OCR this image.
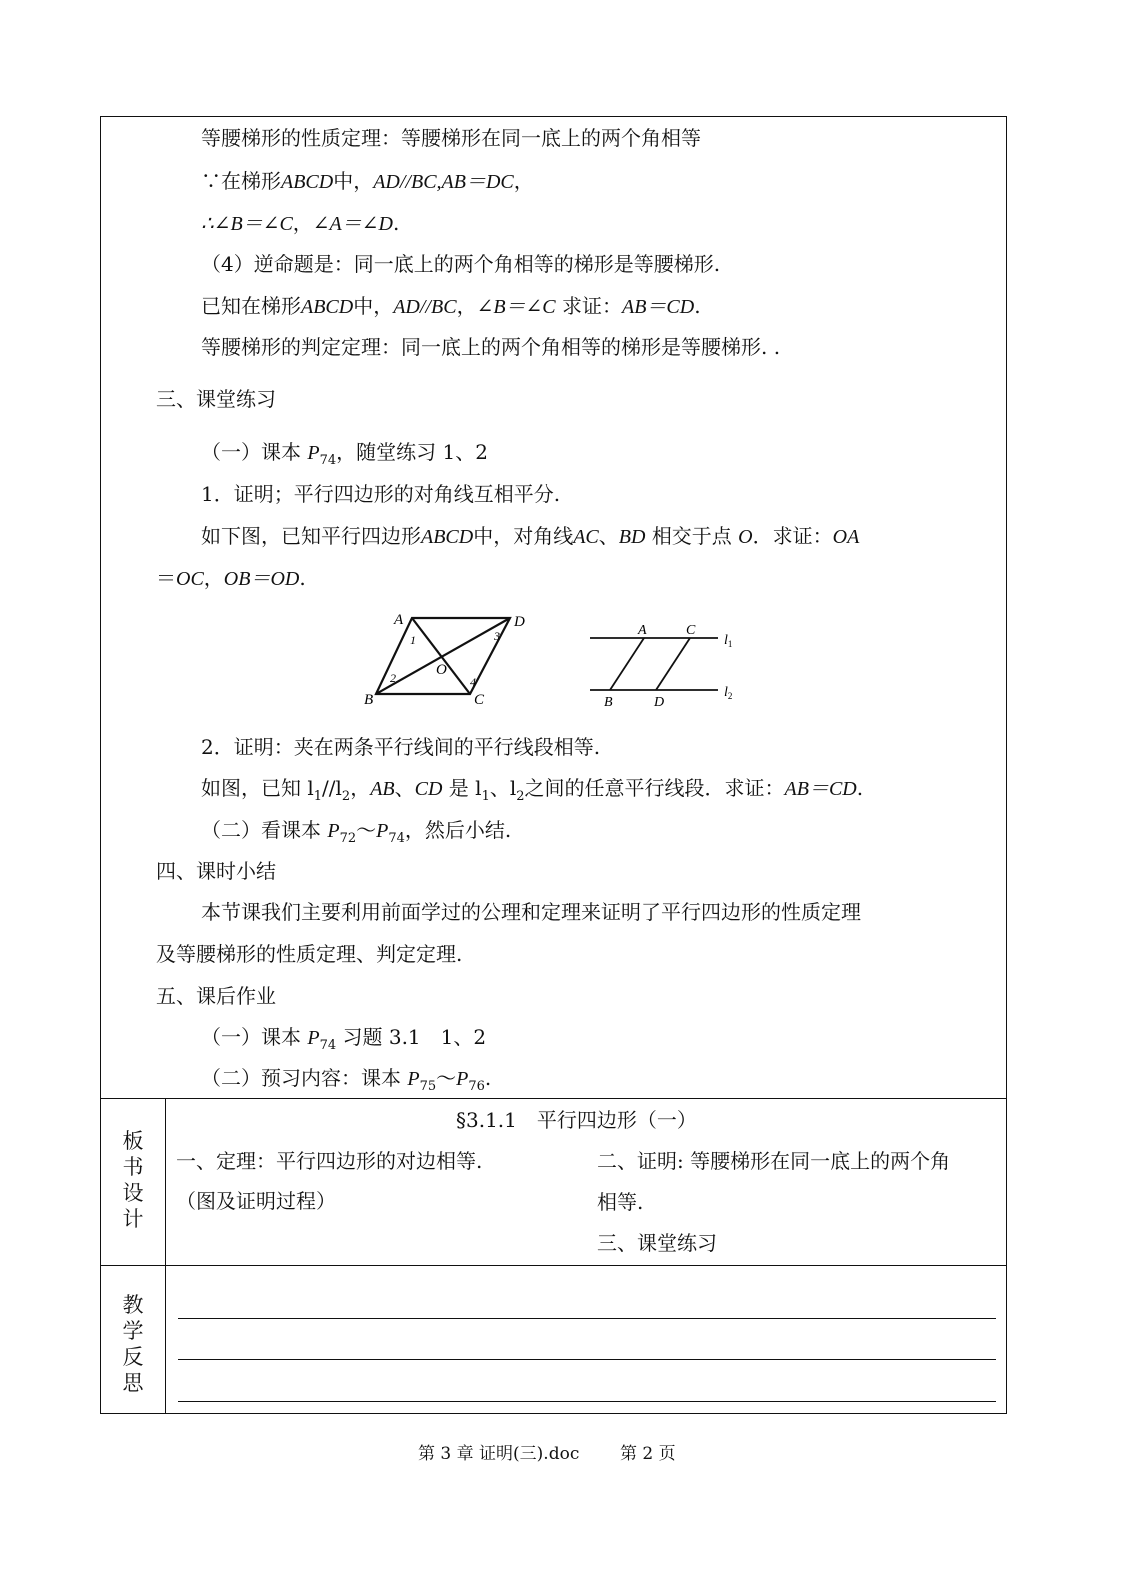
等腰梯形的性质定理：等腰梯形在同一底上的两个角相等
∵在梯形ABCD中，AD//BC,AB＝DC，
∴∠B＝∠C，∠A＝∠D.
（4）逆命题是：同一底上的两个角相等的梯形是等腰梯形.
已知在梯形ABCD中，AD//BC，∠B＝∠C 求证：AB＝CD.
等腰梯形的判定定理：同一底上的两个角相等的梯形是等腰梯形. .
三、课堂练习
（一）课本 $P_{74}$，随堂练习 1、2
1．证明；平行四边形的对角线互相平分.
如下图，已知平行四边形ABCD中，对角线AC、BD 相交于点 O．求证：OA
＝OC，OB＝OD.
A	D
B	C
O
1
2
3
4
A	C
B	D
$l_1$
$l_2$
2．证明：夹在两条平行线间的平行线段相等.
如图，已知 $l_1//l_2$，AB、CD 是 $l_1$、$l_2$之间的任意平行线段．求证：AB＝CD.
（二）看课本 $P_{72}\sim P_{74}$，然后小结.
四、课时小结
本节课我们主要利用前面学过的公理和定理来证明了平行四边形的性质定理
及等腰梯形的性质定理、判定定理.
五、课后作业
（一）课本 $P_{74}$ 习题 3.1　1、2
（二）预习内容：课本 $P_{75}\sim P_{76}$.
板
书
设
计
§3.1.1　平行四边形（一）
一、定理：平行四边形的对边相等.
（图及证明过程）
二、证明: 等腰梯形在同一底上的两个角
相等.
三、课堂练习
教
学
反
思
第 3 章 证明(三).doc 第 2 页
